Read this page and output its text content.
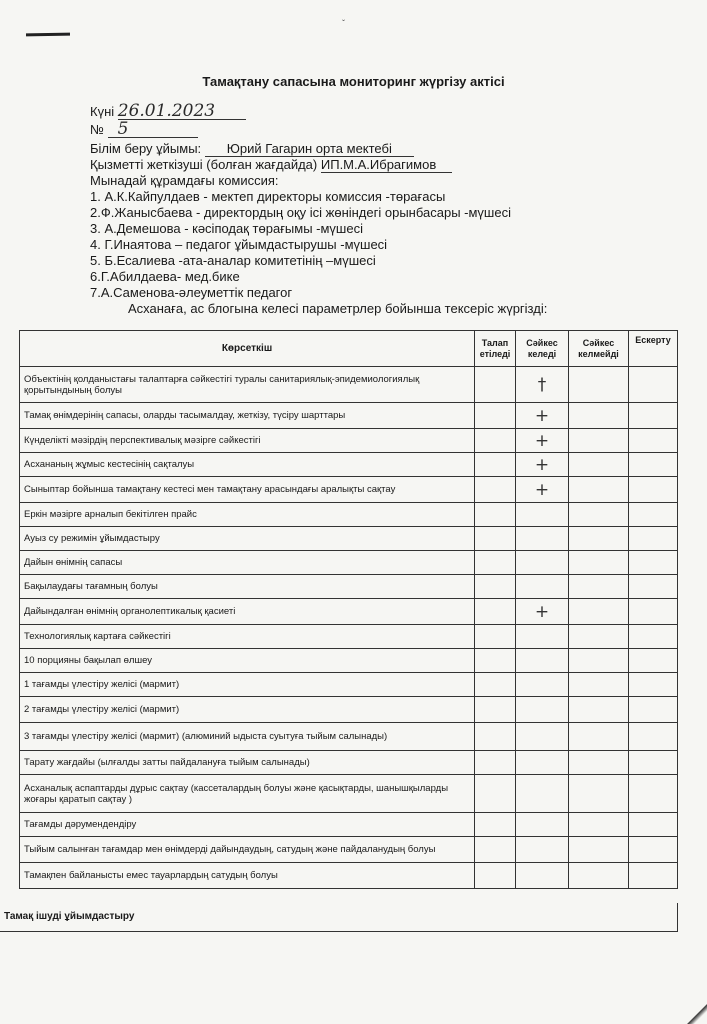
ˇ
Тамақтану сапасына мониторинг жүргізу актісі
Күні 26.01.2023
№ 5
Білім беру ұйымы: Юрий Гагарин орта мектебі
Қызметті жеткізуші (болған жағдайда) ИП.М.А.Ибрагимов
Мынадай құрамдағы комиссия:
1. А.К.Кайпулдаев - мектеп директоры комиссия -төрағасы
2.Ф.Жанысбаева - директордың оқу ісі жөніндегі орынбасары -мүшесі
3. А.Демешова - кәсіподақ төрағымы -мүшесі
4. Г.Инаятова – педагог ұйымдастырушы -мүшесі
5. Б.Есалиева -ата-аналар комитетінің –мүшесі
6.Г.Абилдаева- мед.бике
7.А.Саменова-әлеуметтік педагог
Асханаға, ас блогына келесі параметрлер бойынша тексеріс жүргізді:
Көрсеткіш	Талап етіледі	Сәйкес келеді	Сәйкес келмейді	Ескерту
Объектінің қолданыстағы талаптарға сәйкестігі туралы санитариялық-эпидемиологиялық қорытындының болуы		†		
Тамақ өнімдерінің сапасы, оларды тасымалдау, жеткізу, түсіру шарттары		+		
Күнделікті мәзірдің перспективалық мәзірге сәйкестігі		+		
Асхананың жұмыс кестесінің сақталуы		+		
Сыныптар бойынша тамақтану кестесі мен тамақтану арасындағы аралықты сақтау		+		
Еркін мәзірге арналып бекітілген прайс				
Ауыз су режимін ұйымдастыру				
Дайын өнімнің сапасы				
Бақылаудағы тағамның болуы				
Дайындалған өнімнің органолептикалық қасиеті		+		
Технологиялық картаға сәйкестігі				
10 порцияны бақылап өлшеу				
1 тағамды үлестіру желісі (мармит)				
2 тағамды үлестіру желісі (мармит)				
3 тағамды үлестіру желісі (мармит) (алюминий ыдыста суытуға тыйым салынады)				
Тарату жағдайы (ылғалды затты пайдалануға тыйым салынады)				
Асханалық аспаптарды дұрыс сақтау (кассеталардың болуы және қасықтарды, шанышқыларды жоғары қаратып сақтау )				
Тағамды дәрумендендіру				
Тыйым салынған тағамдар мен өнімдерді дайындаудың, сатудың және пайдаланудың болуы				
Тамақпен байланысты емес тауарлардың сатудың болуы				
Тамақ ішуді ұйымдастыру
